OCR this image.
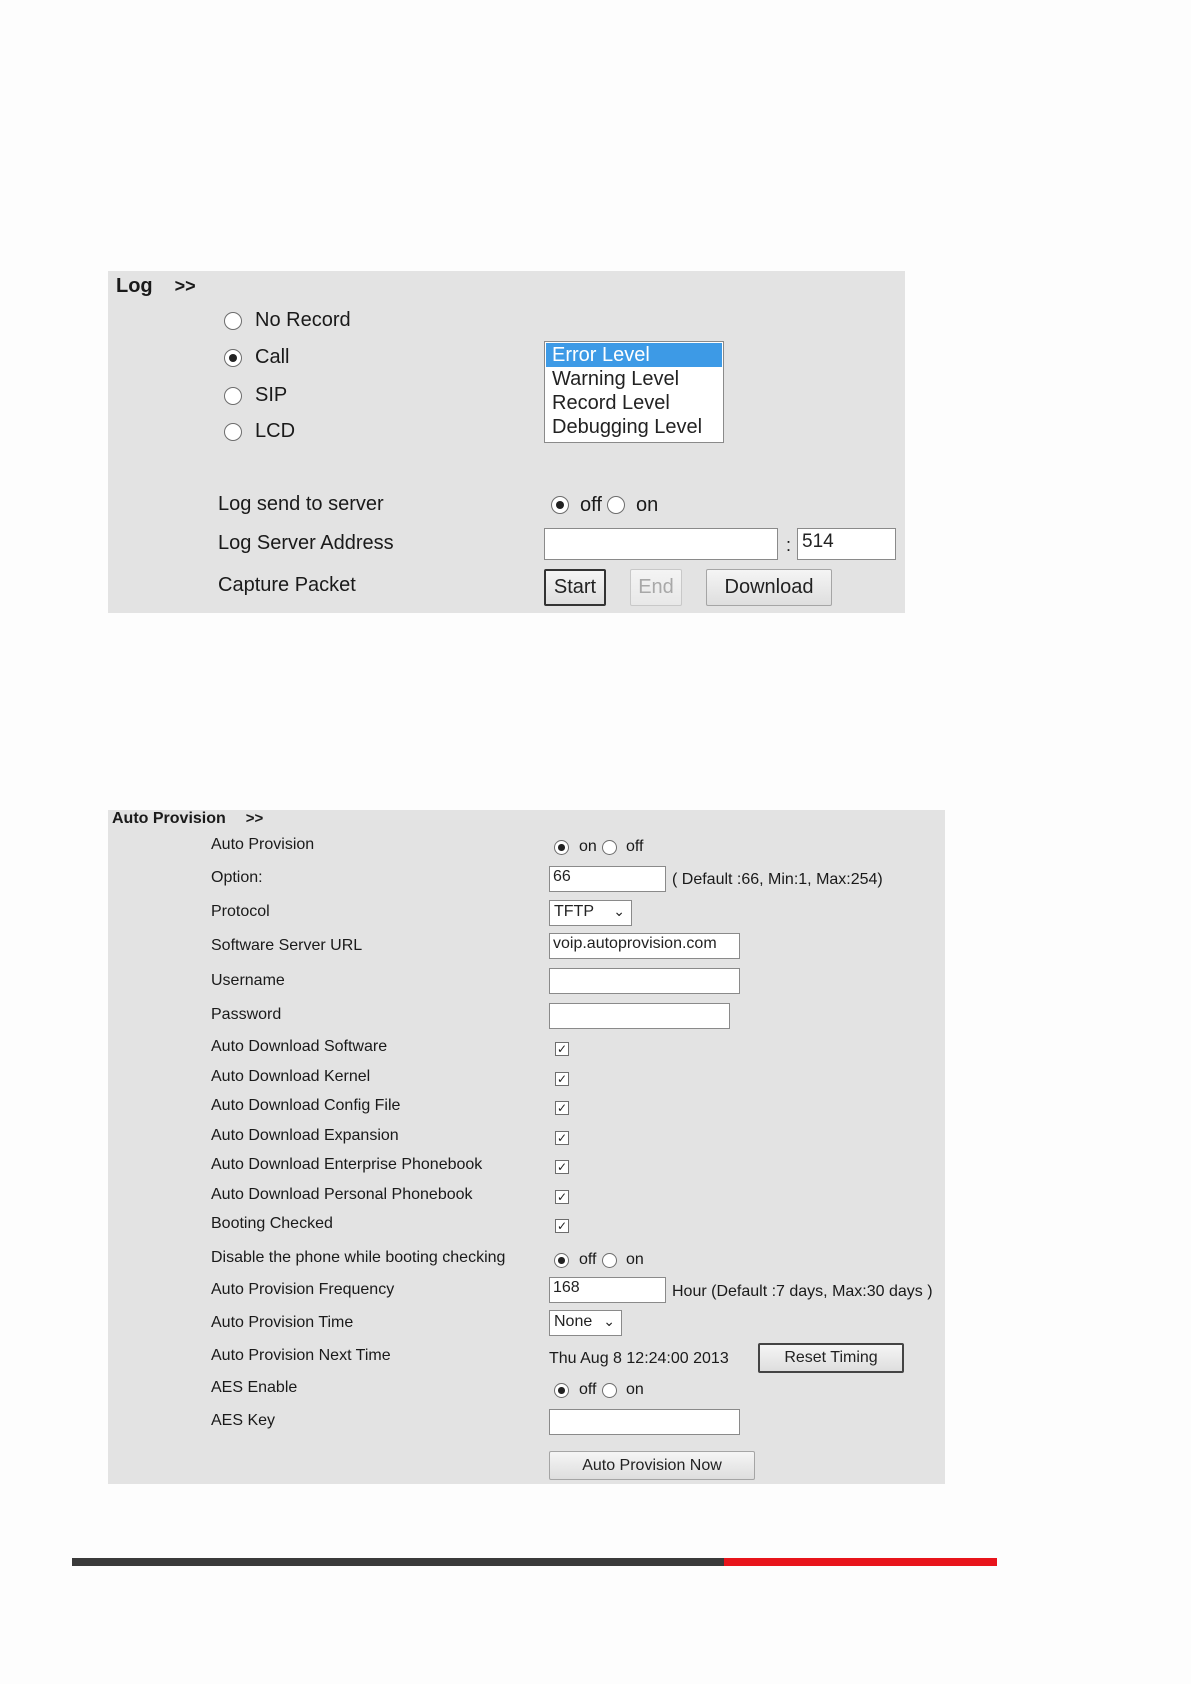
Log >>
No Record
Call
SIP
LCD
Error Level
Warning Level
Record Level
Debugging Level
Log send to server	off on
Log Server Address	: 514
Capture Packet	Start	End	Download
Auto Provision >>
Auto Provision	on off
Option:	66	( Default :66, Min:1, Max:254)
Protocol	TFTP ⌄
Software Server URL	voip.autoprovision.com
Username
Password
Auto Download Software	✓
Auto Download Kernel	✓
Auto Download Config File	✓
Auto Download Expansion	✓
Auto Download Enterprise Phonebook	✓
Auto Download Personal Phonebook	✓
Booting Checked	✓
Disable the phone while booting checking	off on
Auto Provision Frequency	168	Hour (Default :7 days, Max:30 days )
Auto Provision Time	None ⌄
Auto Provision Next Time	Thu Aug 8 12:24:00 2013	Reset Timing
AES Enable	off on
AES Key
Auto Provision Now
